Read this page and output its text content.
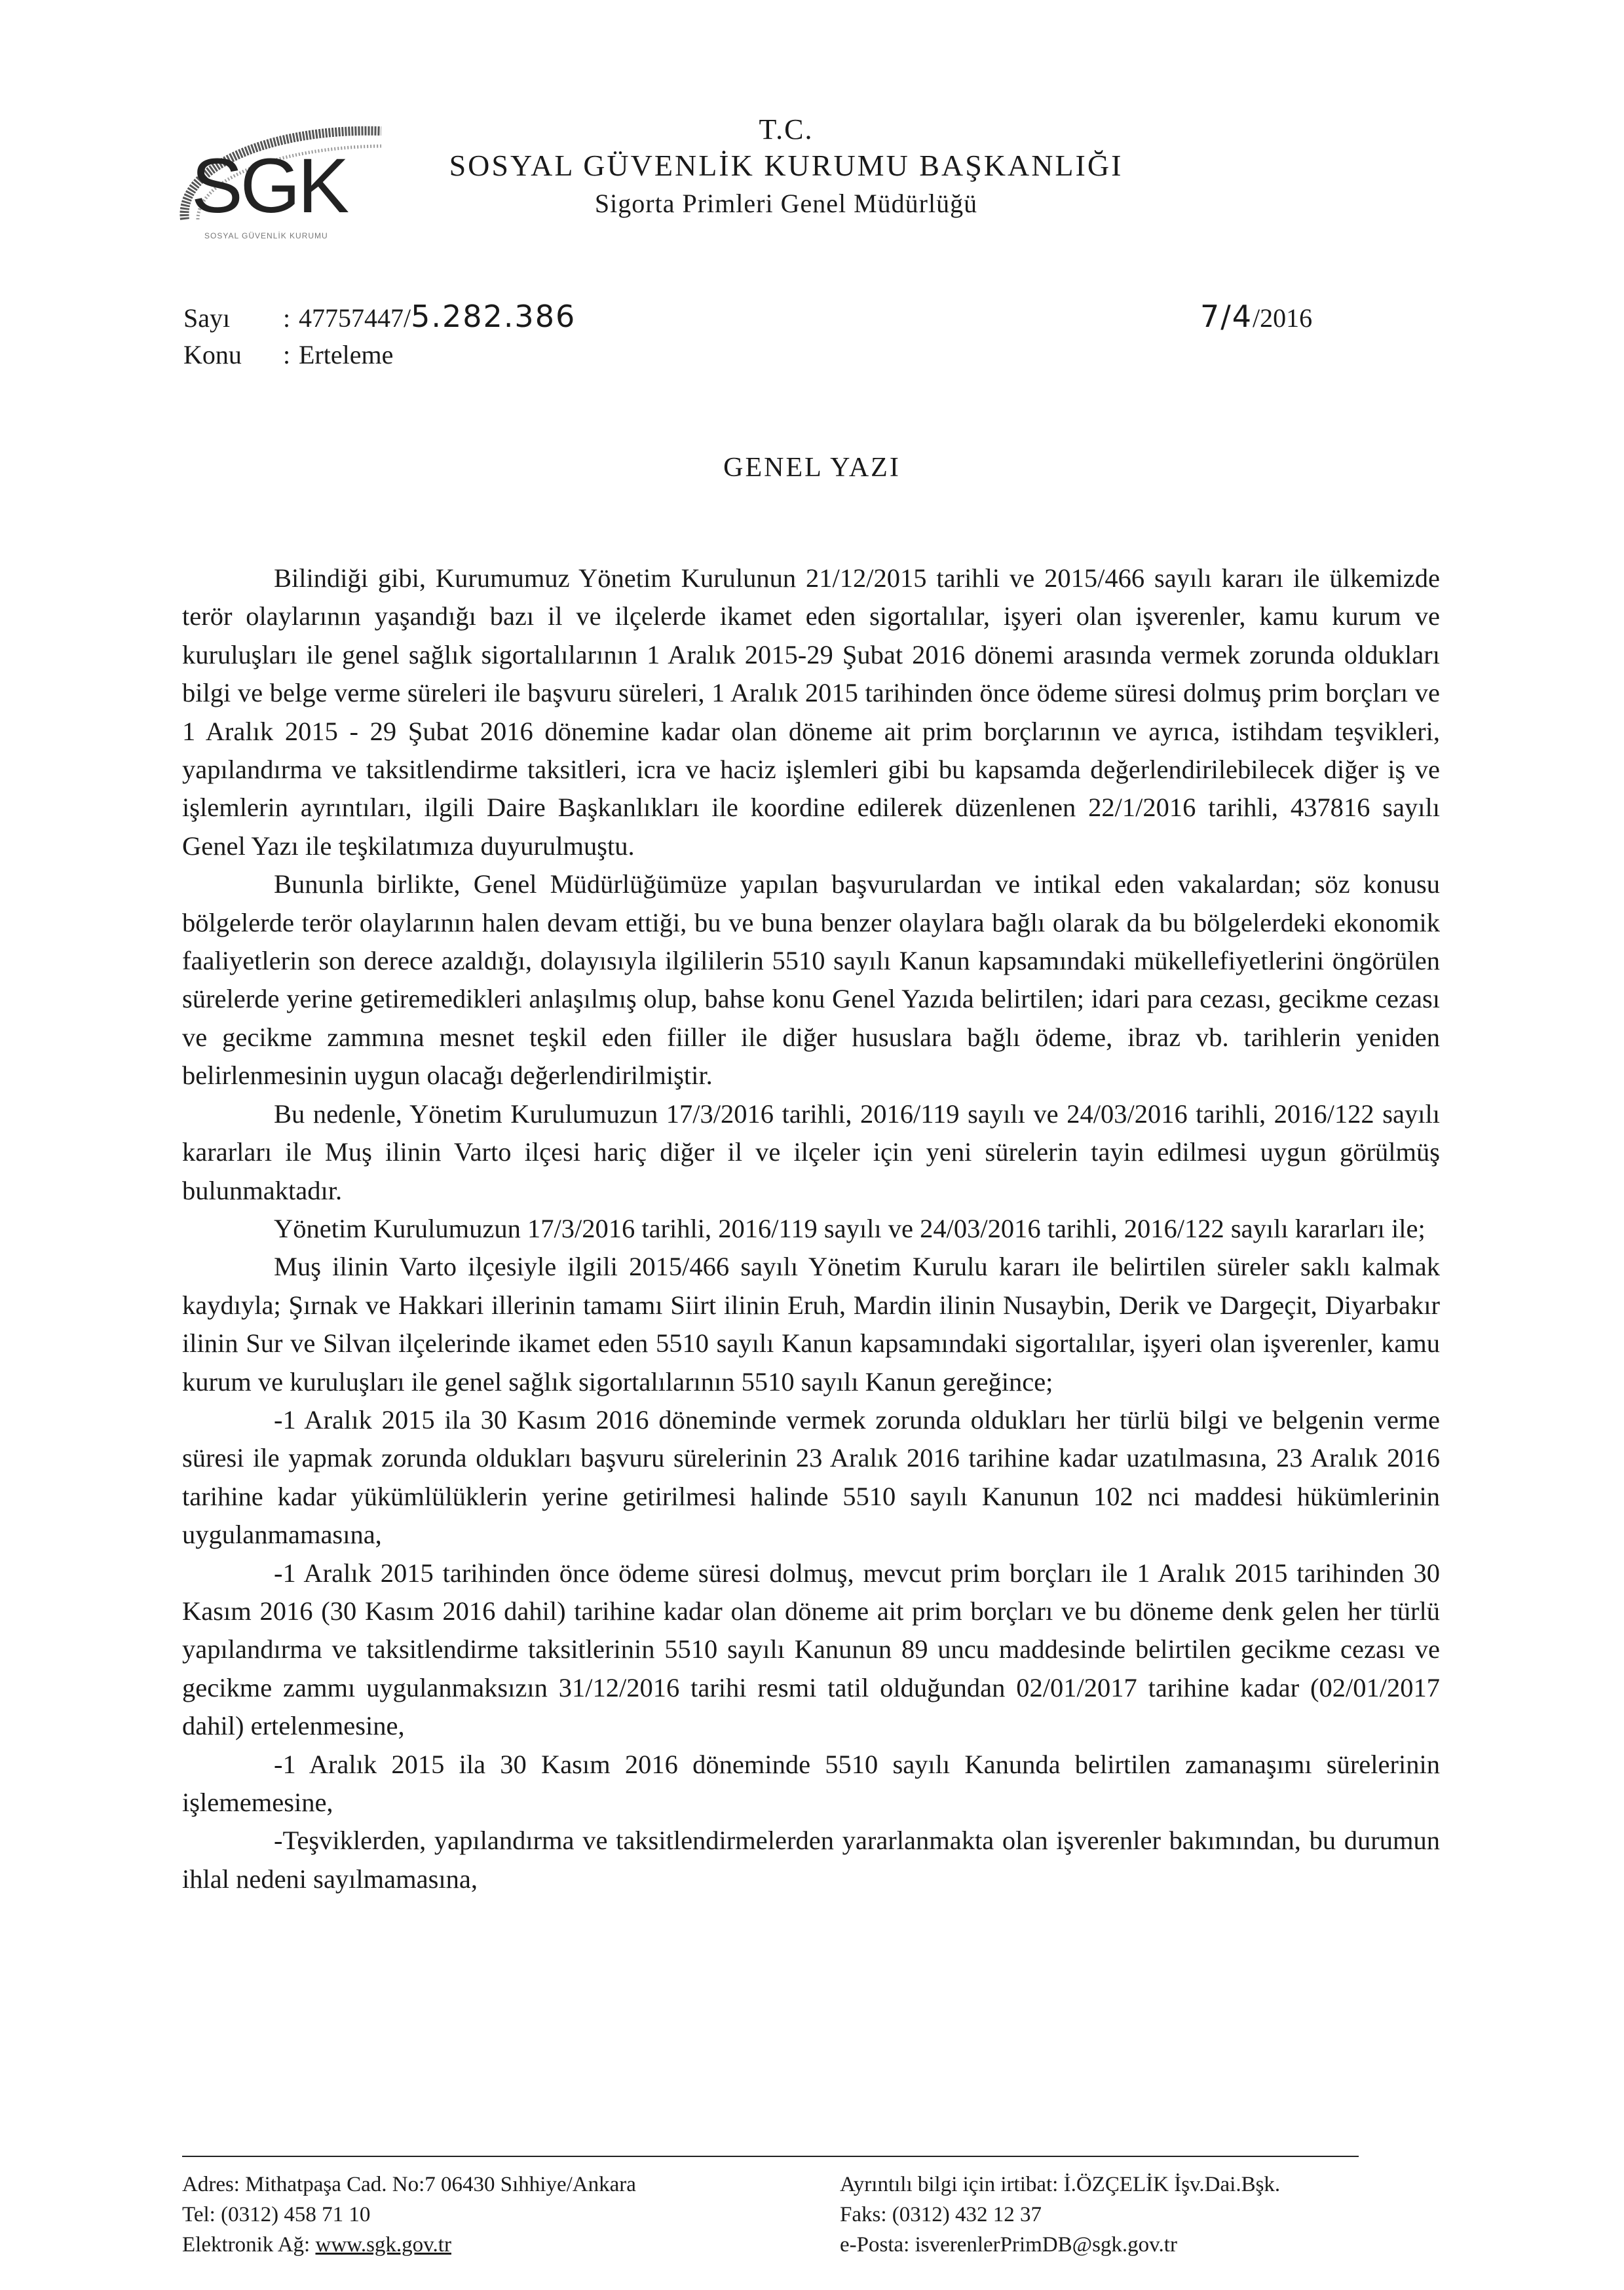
SGK
SOSYAL GÜVENLİK KURUMU
T.C.
SOSYAL GÜVENLİK KURUMU BAŞKANLIĞI
Sigorta Primleri Genel Müdürlüğü
Sayı : 47757447/5.282.386
Konu : Erteleme
7/4/2016
GENEL YAZI

Bilindiği gibi, Kurumumuz Yönetim Kurulunun 21/12/2015 tarihli ve 2015/466 sayılı kararı ile ülkemizde terör olaylarının yaşandığı bazı il ve ilçelerde ikamet eden sigortalılar, işyeri olan işverenler, kamu kurum ve kuruluşları ile genel sağlık sigortalılarının 1 Aralık 2015-29 Şubat 2016 dönemi arasında vermek zorunda oldukları bilgi ve belge verme süreleri ile başvuru süreleri, 1 Aralık 2015 tarihinden önce ödeme süresi dolmuş prim borçları ve 1 Aralık 2015 - 29 Şubat 2016 dönemine kadar olan döneme ait prim borçlarının ve ayrıca, istihdam teşvikleri, yapılandırma ve taksitlendirme taksitleri, icra ve haciz işlemleri gibi bu kapsamda değerlendirilebilecek diğer iş ve işlemlerin ayrıntıları, ilgili Daire Başkanlıkları ile koordine edilerek düzenlenen 22/1/2016 tarihli, 437816 sayılı Genel Yazı ile teşkilatımıza duyurulmuştu.

Bununla birlikte, Genel Müdürlüğümüze yapılan başvurulardan ve intikal eden vakalardan; söz konusu bölgelerde terör olaylarının halen devam ettiği, bu ve buna benzer olaylara bağlı olarak da bu bölgelerdeki ekonomik faaliyetlerin son derece azaldığı, dolayısıyla ilgililerin 5510 sayılı Kanun kapsamındaki mükellefiyetlerini öngörülen sürelerde yerine getiremedikleri anlaşılmış olup, bahse konu Genel Yazıda belirtilen; idari para cezası, gecikme cezası ve gecikme zammına mesnet teşkil eden fiiller ile diğer hususlara bağlı ödeme, ibraz vb. tarihlerin yeniden belirlenmesinin uygun olacağı değerlendirilmiştir.

Bu nedenle, Yönetim Kurulumuzun 17/3/2016 tarihli, 2016/119 sayılı ve 24/03/2016 tarihli, 2016/122 sayılı kararları ile Muş ilinin Varto ilçesi hariç diğer il ve ilçeler için yeni sürelerin tayin edilmesi uygun görülmüş bulunmaktadır.

Yönetim Kurulumuzun 17/3/2016 tarihli, 2016/119 sayılı ve 24/03/2016 tarihli, 2016/122 sayılı kararları ile;

Muş ilinin Varto ilçesiyle ilgili 2015/466 sayılı Yönetim Kurulu kararı ile belirtilen süreler saklı kalmak kaydıyla; Şırnak ve Hakkari illerinin tamamı Siirt ilinin Eruh, Mardin ilinin Nusaybin, Derik ve Dargeçit, Diyarbakır ilinin Sur ve Silvan ilçelerinde ikamet eden 5510 sayılı Kanun kapsamındaki sigortalılar, işyeri olan işverenler, kamu kurum ve kuruluşları ile genel sağlık sigortalılarının 5510 sayılı Kanun gereğince;

-1 Aralık 2015 ila 30 Kasım 2016 döneminde vermek zorunda oldukları her türlü bilgi ve belgenin verme süresi ile yapmak zorunda oldukları başvuru sürelerinin 23 Aralık 2016 tarihine kadar uzatılmasına, 23 Aralık 2016 tarihine kadar yükümlülüklerin yerine getirilmesi halinde 5510 sayılı Kanunun 102 nci maddesi hükümlerinin uygulanmamasına,

-1 Aralık 2015 tarihinden önce ödeme süresi dolmuş, mevcut prim borçları ile 1 Aralık 2015 tarihinden 30 Kasım 2016 (30 Kasım 2016 dahil) tarihine kadar olan döneme ait prim borçları ve bu döneme denk gelen her türlü yapılandırma ve taksitlendirme taksitlerinin 5510 sayılı Kanunun 89 uncu maddesinde belirtilen gecikme cezası ve gecikme zammı uygulanmaksızın 31/12/2016 tarihi resmi tatil olduğundan 02/01/2017 tarihine kadar (02/01/2017 dahil) ertelenmesine,

-1 Aralık 2015 ila 30 Kasım 2016 döneminde 5510 sayılı Kanunda belirtilen zamanaşımı sürelerinin işlememesine,

-Teşviklerden, yapılandırma ve taksitlendirmelerden yararlanmakta olan işverenler bakımından, bu durumun ihlal nedeni sayılmamasına,

Adres: Mithatpaşa Cad. No:7 06430 Sıhhiye/Ankara
Tel: (0312) 458 71 10
Elektronik Ağ: www.sgk.gov.tr
Ayrıntılı bilgi için irtibat: İ.ÖZÇELİK İşv.Dai.Bşk.
Faks: (0312) 432 12 37
e-Posta: isverenlerPrimDB@sgk.gov.tr
